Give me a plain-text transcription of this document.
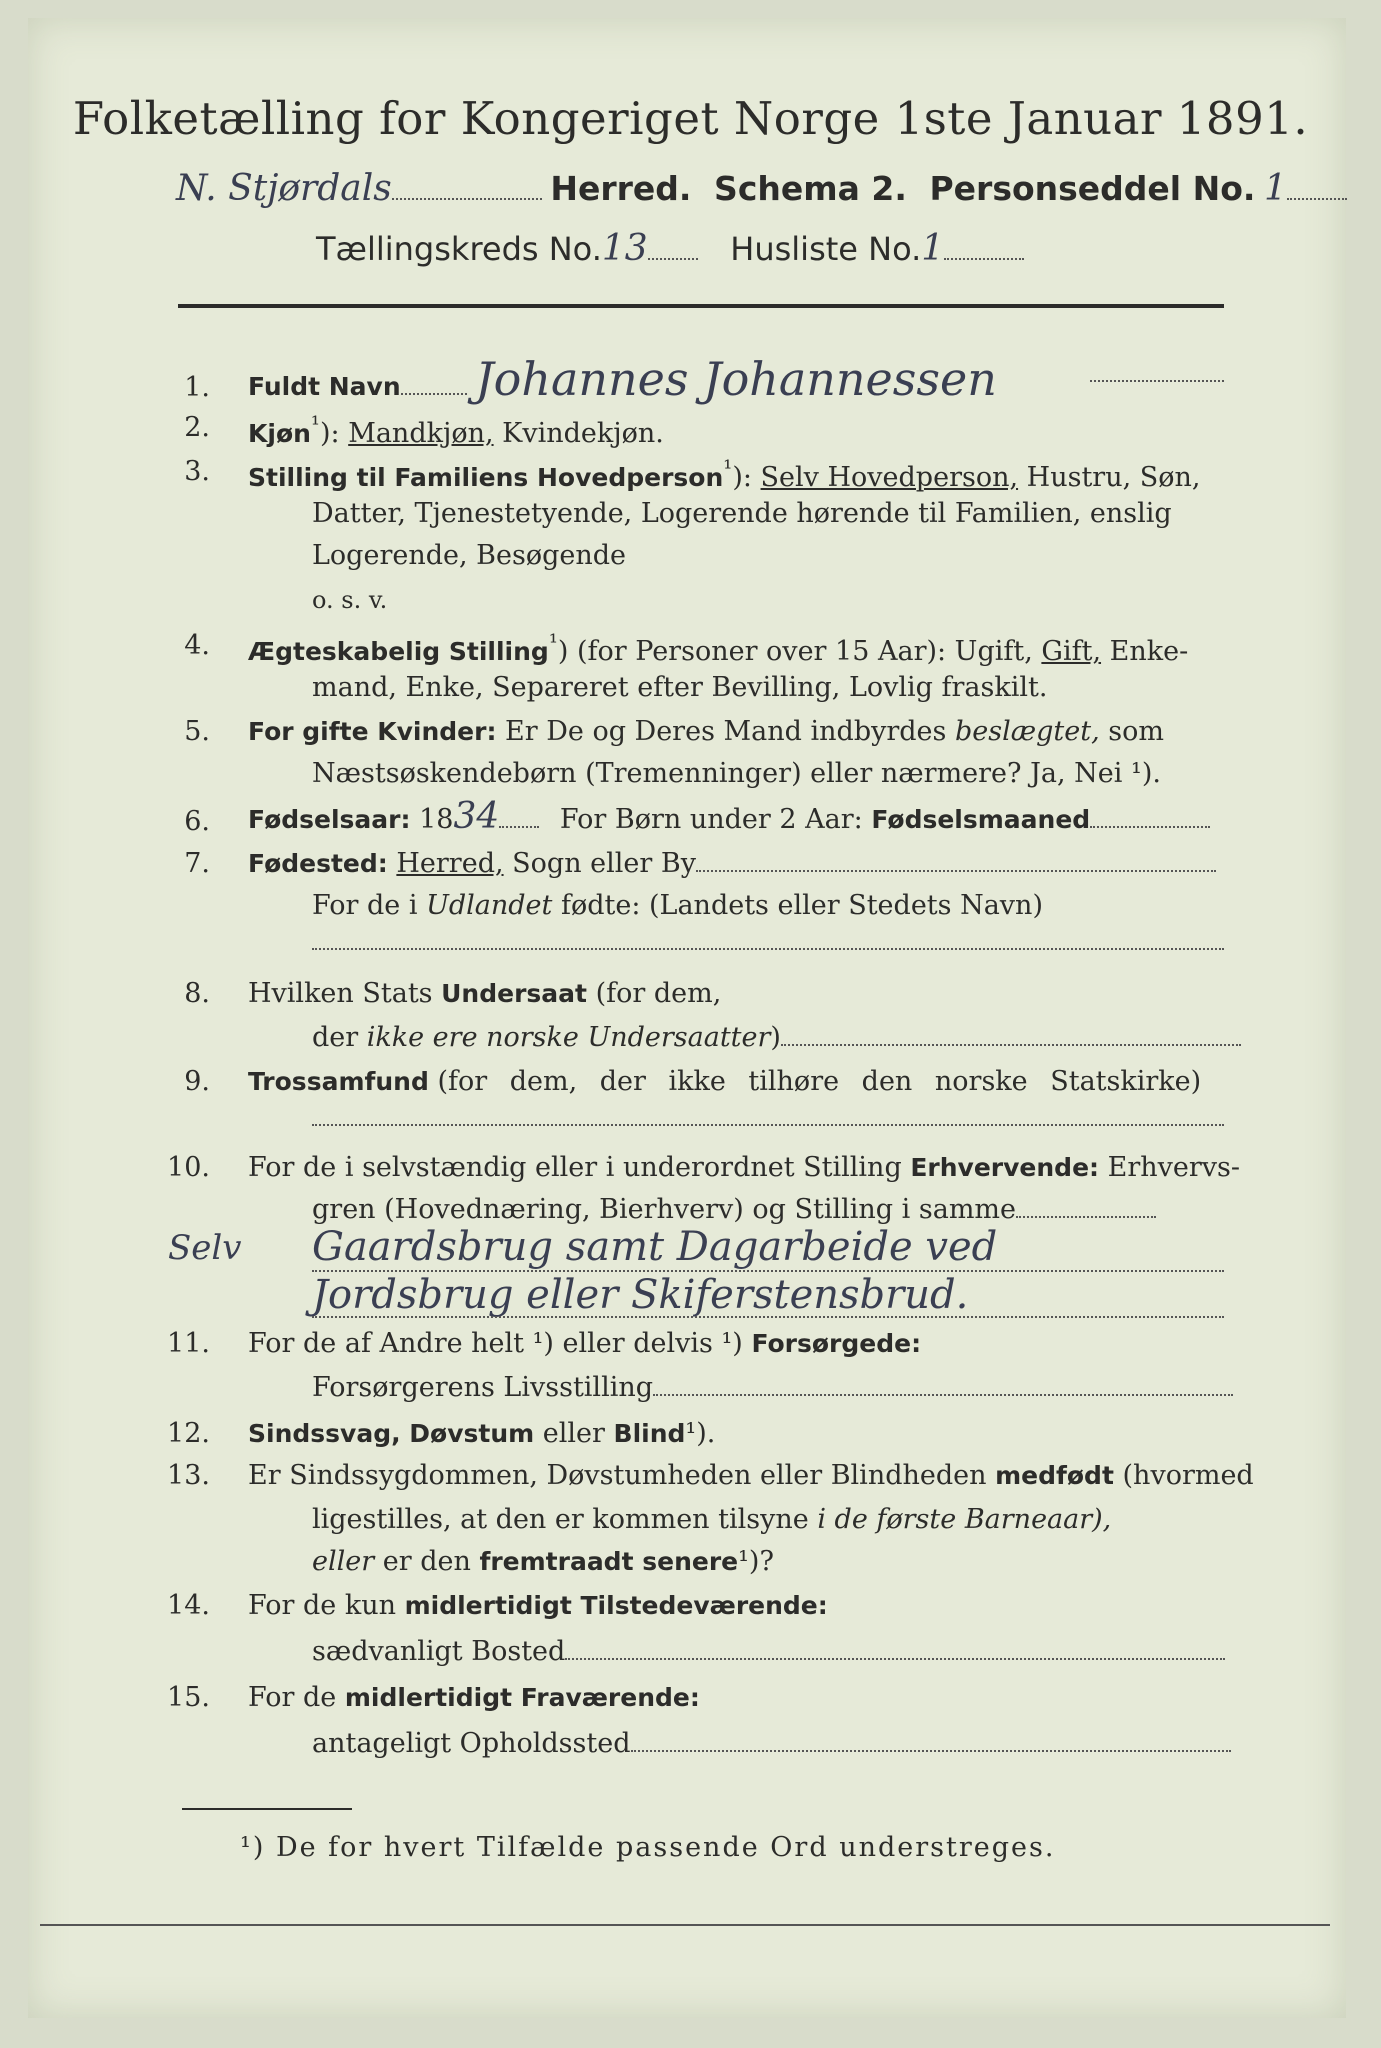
Folketælling for Kongeriget Norge 1ste Januar 1891.
N. Stjørdals	Herred. Schema 2. Personseddel No. 1
Tællingskreds No.13	Husliste No.1
1. Fuldt Navn Johannes Johannessen
2. Kjøn$^{^1}$): Mandkjøn, Kvindekjøn.
3. Stilling til Familiens Hovedperson$^{^1}$): Selv Hovedperson, Hustru, Søn,
Datter, Tjenestetyende, Logerende hørende til Familien, enslig
Logerende, Besøgende
o. s. v.
4. Ægteskabelig Stilling$^{^1}$) (for Personer over 15 Aar): Ugift, Gift, Enke-
mand, Enke, Separeret efter Bevilling, Lovlig fraskilt.
5. For gifte Kvinder: Er De og Deres Mand indbyrdes beslægtet, som
Næstsøskendebørn (Tremenninger) eller nærmere? Ja, Nei ¹).
6. Fødselsaar: 1834 For Børn under 2 Aar: Fødselsmaaned
7. Fødested: Herred, Sogn eller By
For de i Udlandet fødte: (Landets eller Stedets Navn)
8. Hvilken Stats Undersaat (for dem,
der ikke ere norske Undersaatter)
9. Trossamfund (for dem, der ikke tilhøre den norske Statskirke)
10. For de i selvstændig eller i underordnet Stilling Erhvervende: Erhvervs-
gren (Hovednæring, Bierhverv) og Stilling i samme
Selv Gaardsbrug samt Dagarbeide ved
Jordsbrug eller Skiferstensbrud.
11. For de af Andre helt ¹) eller delvis ¹) Forsørgede:
Forsørgerens Livsstilling
12. Sindssvag, Døvstum eller Blind¹).
13. Er Sindssygdommen, Døvstumheden eller Blindheden medfødt (hvormed
ligestilles, at den er kommen tilsyne i de første Barneaar),
eller er den fremtraadt senere¹)?
14. For de kun midlertidigt Tilstedeværende:
sædvanligt Bosted
15. For de midlertidigt Fraværende:
antageligt Opholdssted
¹) De for hvert Tilfælde passende Ord understreges.
